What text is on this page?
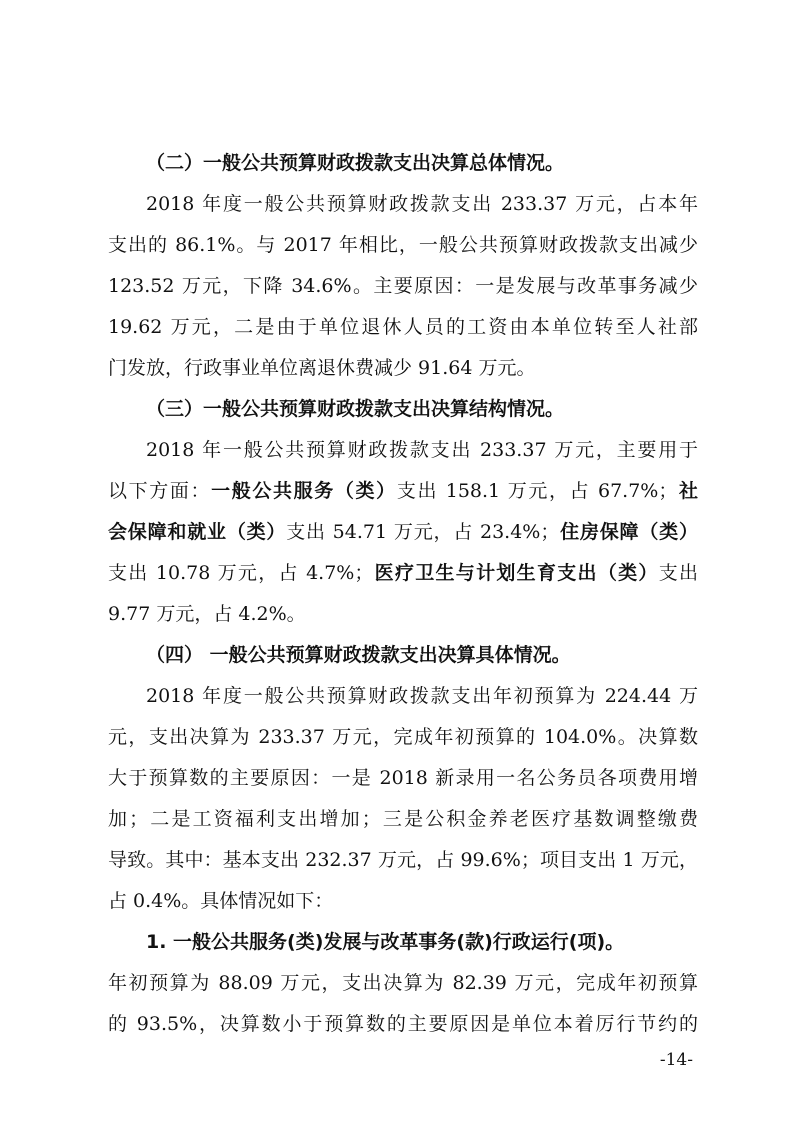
（二）一般公共预算财政拨款支出决算总体情况。
2018 年度一般公共预算财政拨款支出 233.37 万元，占本年
支出的 86.1%。与 2017 年相比，一般公共预算财政拨款支出减少
123.52 万元，下降 34.6%。主要原因：一是发展与改革事务减少
19.62 万元，二是由于单位退休人员的工资由本单位转至人社部
门发放，行政事业单位离退休费减少 91.64 万元。
（三）一般公共预算财政拨款支出决算结构情况。
2018 年一般公共预算财政拨款支出 233.37 万元，主要用于
以下方面：一般公共服务（类）支出 158.1 万元，占 67.7%；社
会保障和就业（类）支出 54.71 万元，占 23.4%；住房保障（类）
支出 10.78 万元，占 4.7%；医疗卫生与计划生育支出（类）支出
9.77 万元，占 4.2%。
（四） 一般公共预算财政拨款支出决算具体情况。
2018 年度一般公共预算财政拨款支出年初预算为 224.44 万
元，支出决算为 233.37 万元，完成年初预算的 104.0%。决算数
大于预算数的主要原因：一是 2018 新录用一名公务员各项费用增
加；二是工资福利支出增加；三是公积金养老医疗基数调整缴费
导致。其中：基本支出 232.37 万元，占 99.6%；项目支出 1 万元，
占 0.4%。具体情况如下：
1. 一般公共服务(类)发展与改革事务(款)行政运行(项)。
年初预算为 88.09 万元，支出决算为 82.39 万元，完成年初预算
的 93.5%，决算数小于预算数的主要原因是单位本着厉行节约的
-14-
